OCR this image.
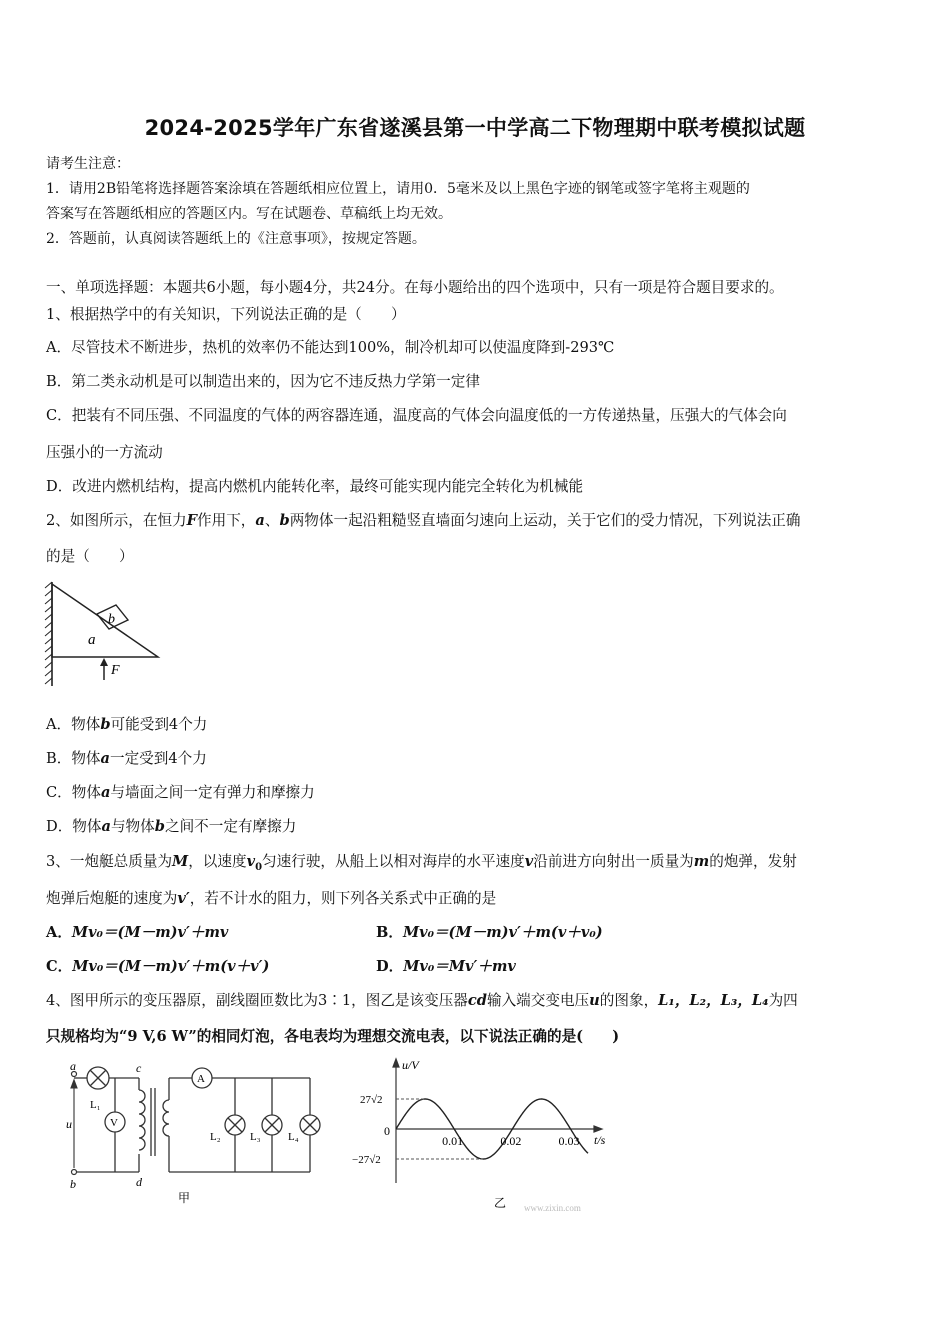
2024-2025学年广东省遂溪县第一中学高二下物理期中联考模拟试题
请考生注意：
1．请用2B铅笔将选择题答案涂填在答题纸相应位置上，请用0．5毫米及以上黑色字迹的钢笔或签字笔将主观题的
答案写在答题纸相应的答题区内。写在试题卷、草稿纸上均无效。
2．答题前，认真阅读答题纸上的《注意事项》，按规定答题。
一、单项选择题：本题共6小题，每小题4分，共24分。在每小题给出的四个选项中，只有一项是符合题目要求的。
1、根据热学中的有关知识，下列说法正确的是（　　）
A．尽管技术不断进步，热机的效率仍不能达到100%，制冷机却可以使温度降到-293℃
B．第二类永动机是可以制造出来的，因为它不违反热力学第一定律
C．把装有不同压强、不同温度的气体的两容器连通，温度高的气体会向温度低的一方传递热量，压强大的气体会向
压强小的一方流动
D．改进内燃机结构，提高内燃机内能转化率，最终可能实现内能完全转化为机械能
2、如图所示，在恒力F作用下，a、b两物体一起沿粗糙竖直墙面匀速向上运动，关于它们的受力情况，下列说法正确
的是（　　）
b
a
F
A．物体b可能受到4个力
B．物体a一定受到4个力
C．物体a与墙面之间一定有弹力和摩擦力
D．物体a与物体b之间不一定有摩擦力
3、一炮艇总质量为M，以速度$v_0$匀速行驶，从船上以相对海岸的水平速度v沿前进方向射出一质量为m的炮弹，发射
炮弹后炮艇的速度为v′，若不计水的阻力，则下列各关系式中正确的是
A．Mv₀＝(M－m)v′＋mv	B．Mv₀＝(M－m)v′＋m(v＋v₀)
C．Mv₀＝(M－m)v′＋m(v＋v′)	D．Mv₀＝Mv′＋mv
4、图甲所示的变压器原，副线圈匝数比为3∶1，图乙是该变压器cd输入端交变电压u的图象，L₁，L₂，L₃，L₄为四
只规格均为“9 V,6 W”的相同灯泡，各电表均为理想交流电表，以下说法正确的是(　　)
a
b
c
d
u
L₁
V
A
L₂	L₃ L₄
甲
0.01	0.02	0.03
u/V
27√2
−27√2
0
t/s
乙 www.zixin.com
